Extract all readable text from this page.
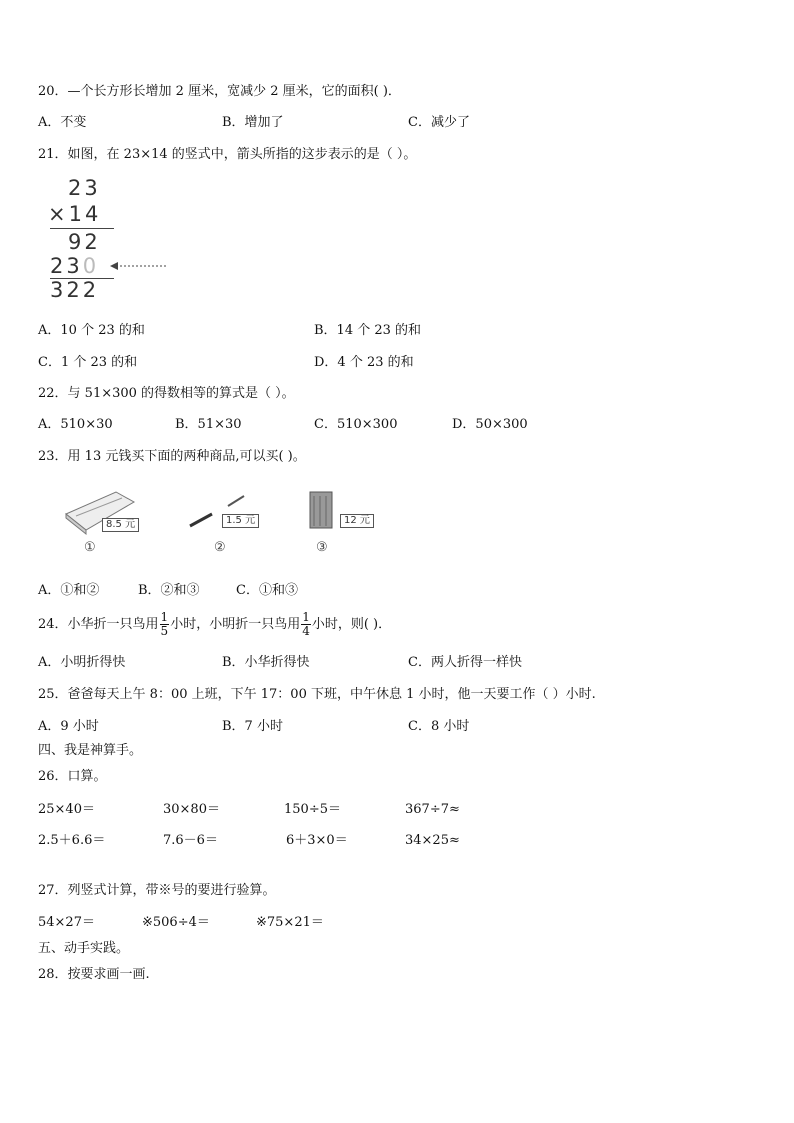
20．—个长方形长增加 2 厘米，宽减少 2 厘米，它的面积( )．
A．不变	B．增加了	C．减少了
21．如图，在 23×14 的竖式中，箭头所指的这步表示的是（ ）。
23
×14
92
230
322
A．10 个 23 的和	B．14 个 23 的和
C．1 个 23 的和	D．4 个 23 的和
22．与 51×300 的得数相等的算式是（ ）。
A．510×30	B．51×30	C．510×300	D．50×300
23．用 13 元钱买下面的两种商品,可以买( )。
8.5 元
①
1.5 元
②
12 元
③
A．①和②	B．②和③	C．①和③
24．小华折一只鸟用 $\frac{1}{5}$ 小时，小明折一只鸟用 $\frac{1}{4}$ 小时，则( )．
A．小明折得快	B．小华折得快	C．两人折得一样快
25．爸爸每天上午 8：00 上班，下午 17：00 下班，中午休息 1 小时，他一天要工作（ ）小时.
A．9 小时	B．7 小时	C．8 小时
四、我是神算手。
26．口算。
25×40＝	30×80＝	150÷5＝	367÷7≈
2.5＋6.6＝	7.6－6＝	6＋3×0＝	34×25≈
27．列竖式计算，带※号的要进行验算。
54×27＝	※506÷4＝	※75×21＝
五、动手实践。
28．按要求画一画.
